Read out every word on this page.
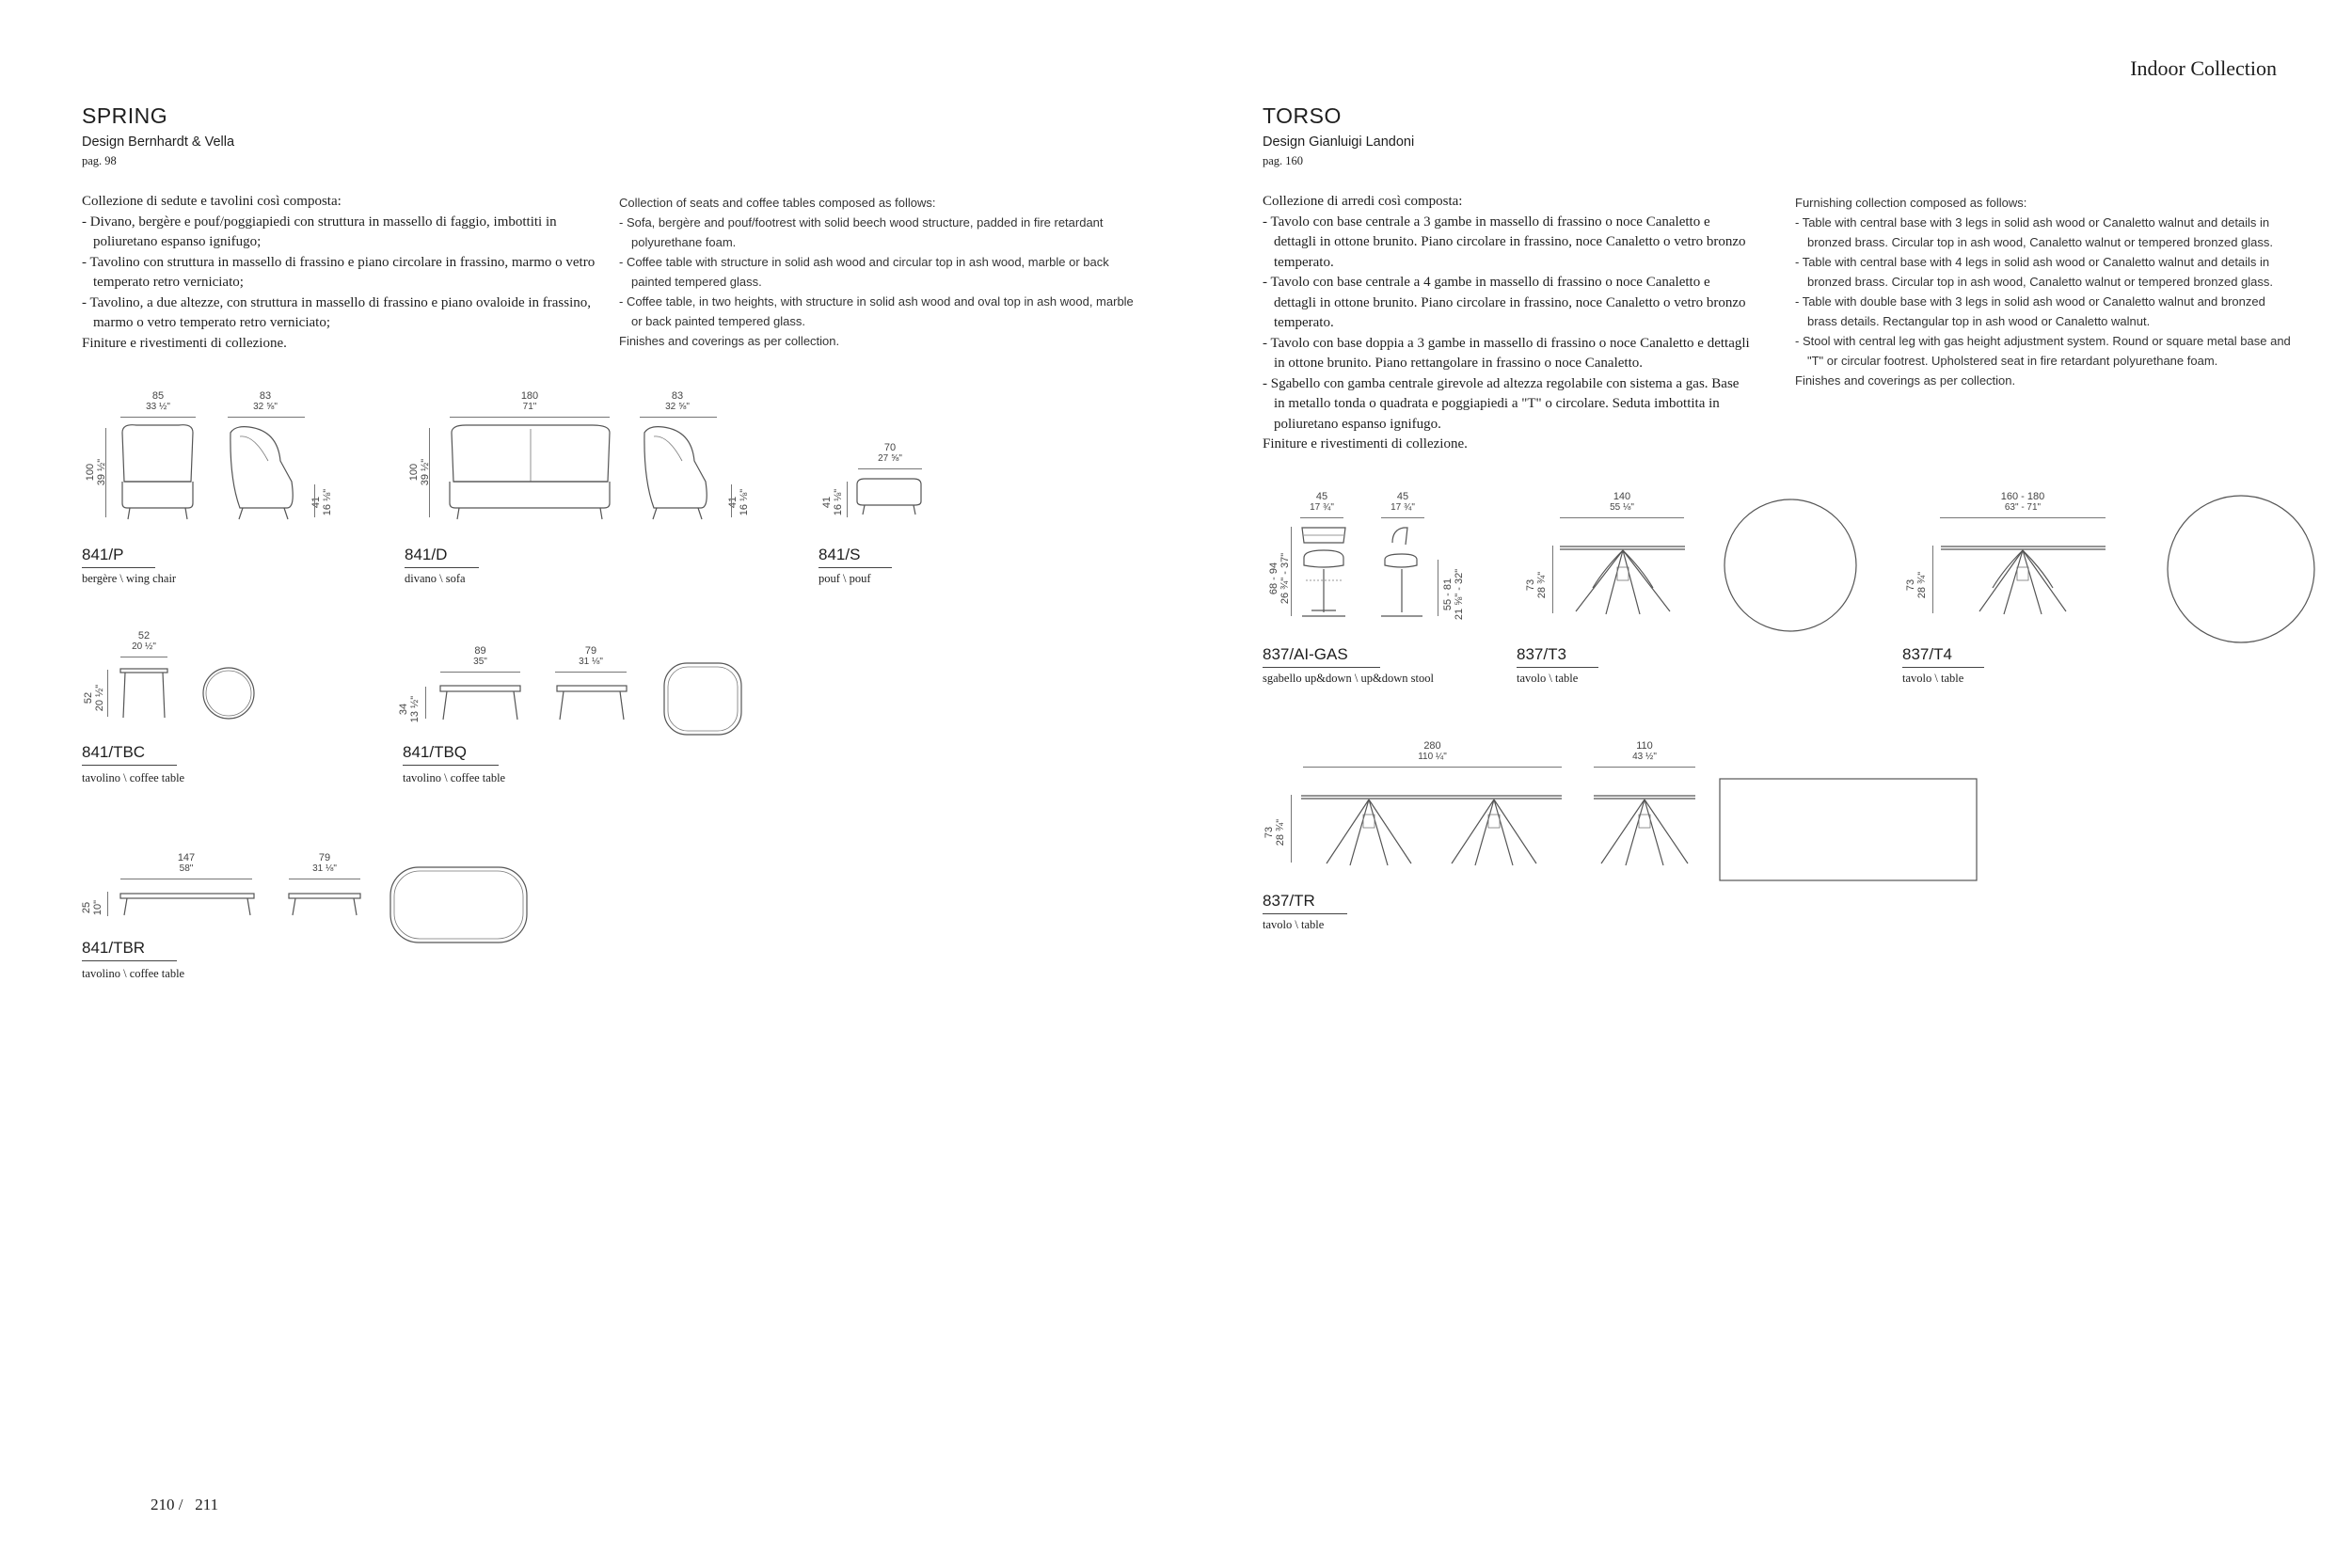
Indoor Collection
SPRING
Design Bernhardt & Vella
pag. 98

Collezione di sedute e tavolini così composta:

- Divano, bergère e pouf/poggiapiedi con struttura in massello di faggio, imbottiti in poliuretano espanso ignifugo;

- Tavolino con struttura in massello di frassino e piano circolare in frassino, marmo o vetro temperato retro verniciato;

- Tavolino, a due altezze, con struttura in massello di frassino e piano ovaloide in frassino, marmo o vetro temperato retro verniciato;

Finiture e rivestimenti di collezione.

Collection of seats and coffee tables composed as follows:

- Sofa, bergère and pouf/footrest with solid beech wood structure, padded in fire retardant polyurethane foam.

- Coffee table with structure in solid ash wood and circular top in ash wood, marble or back painted tempered glass.

- Coffee table, in two heights, with structure in solid ash wood and oval top in ash wood, marble or back painted tempered glass.

Finishes and coverings as per collection.

85
33 ½"
83
32 ⅝"
100
39 ½"
41
16 ⅛"
841/P
bergère \ wing chair
180
71"
83
32 ⅝"
100
39 ½"
41
16 ⅛"
841/D
divano \ sofa
70
27 ⅝"
41
16 ⅛"
841/S
pouf \ pouf
52
20 ½"
52
20 ½"
841/TBC
tavolino \ coffee table
89
35"
79
31 ⅛"
34
13 ½"
841/TBQ
tavolino \ coffee table
147
58"
79
31 ⅛"
25
10"
841/TBR
tavolino \ coffee table
TORSO
Design Gianluigi Landoni
pag. 160

Collezione di arredi così composta:

- Tavolo con base centrale a 3 gambe in massello di frassino o noce Canaletto e dettagli in ottone brunito. Piano circolare in frassino, noce Canaletto o vetro bronzo temperato.

- Tavolo con base centrale a 4 gambe in massello di frassino o noce Canaletto e dettagli in ottone brunito. Piano circolare in frassino, noce Canaletto o vetro bronzo temperato.

- Tavolo con base doppia a 3 gambe in massello di frassino o noce Canaletto e dettagli in ottone brunito. Piano rettangolare in frassino o noce Canaletto.

- Sgabello con gamba centrale girevole ad altezza regolabile con sistema a gas. Base in metallo tonda o quadrata e poggiapiedi a "T" o circolare. Seduta imbottita in poliuretano espanso ignifugo.

Finiture e rivestimenti di collezione.

Furnishing collection composed as follows:

- Table with central base with 3 legs in solid ash wood or Canaletto walnut and details in bronzed brass. Circular top in ash wood, Canaletto walnut or tempered bronzed glass.

- Table with central base with 4 legs in solid ash wood or Canaletto walnut and details in bronzed brass. Circular top in ash wood, Canaletto walnut or tempered bronzed glass.

- Table with double base with 3 legs in solid ash wood or Canaletto walnut and bronzed brass details. Rectangular top in ash wood or Canaletto walnut.

- Stool with central leg with gas height adjustment system. Round or square metal base and "T" or circular footrest. Upholstered seat in fire retardant polyurethane foam.

Finishes and coverings as per collection.

45
17 ¾"
45
17 ¾"
68 - 94
26 ¾" - 37"	55 - 81
21 ⅝" - 32"
837/AI-GAS
sgabello up&down \ up&down stool
140
55 ⅛"
73
28 ¾"
837/T3
tavolo \ table
160 - 180
63" - 71"
73
28 ¾"
837/T4
tavolo \ table
280
110 ¼"
110
43 ½"
73
28 ¾"
837/TR
tavolo \ table
210 /   211
